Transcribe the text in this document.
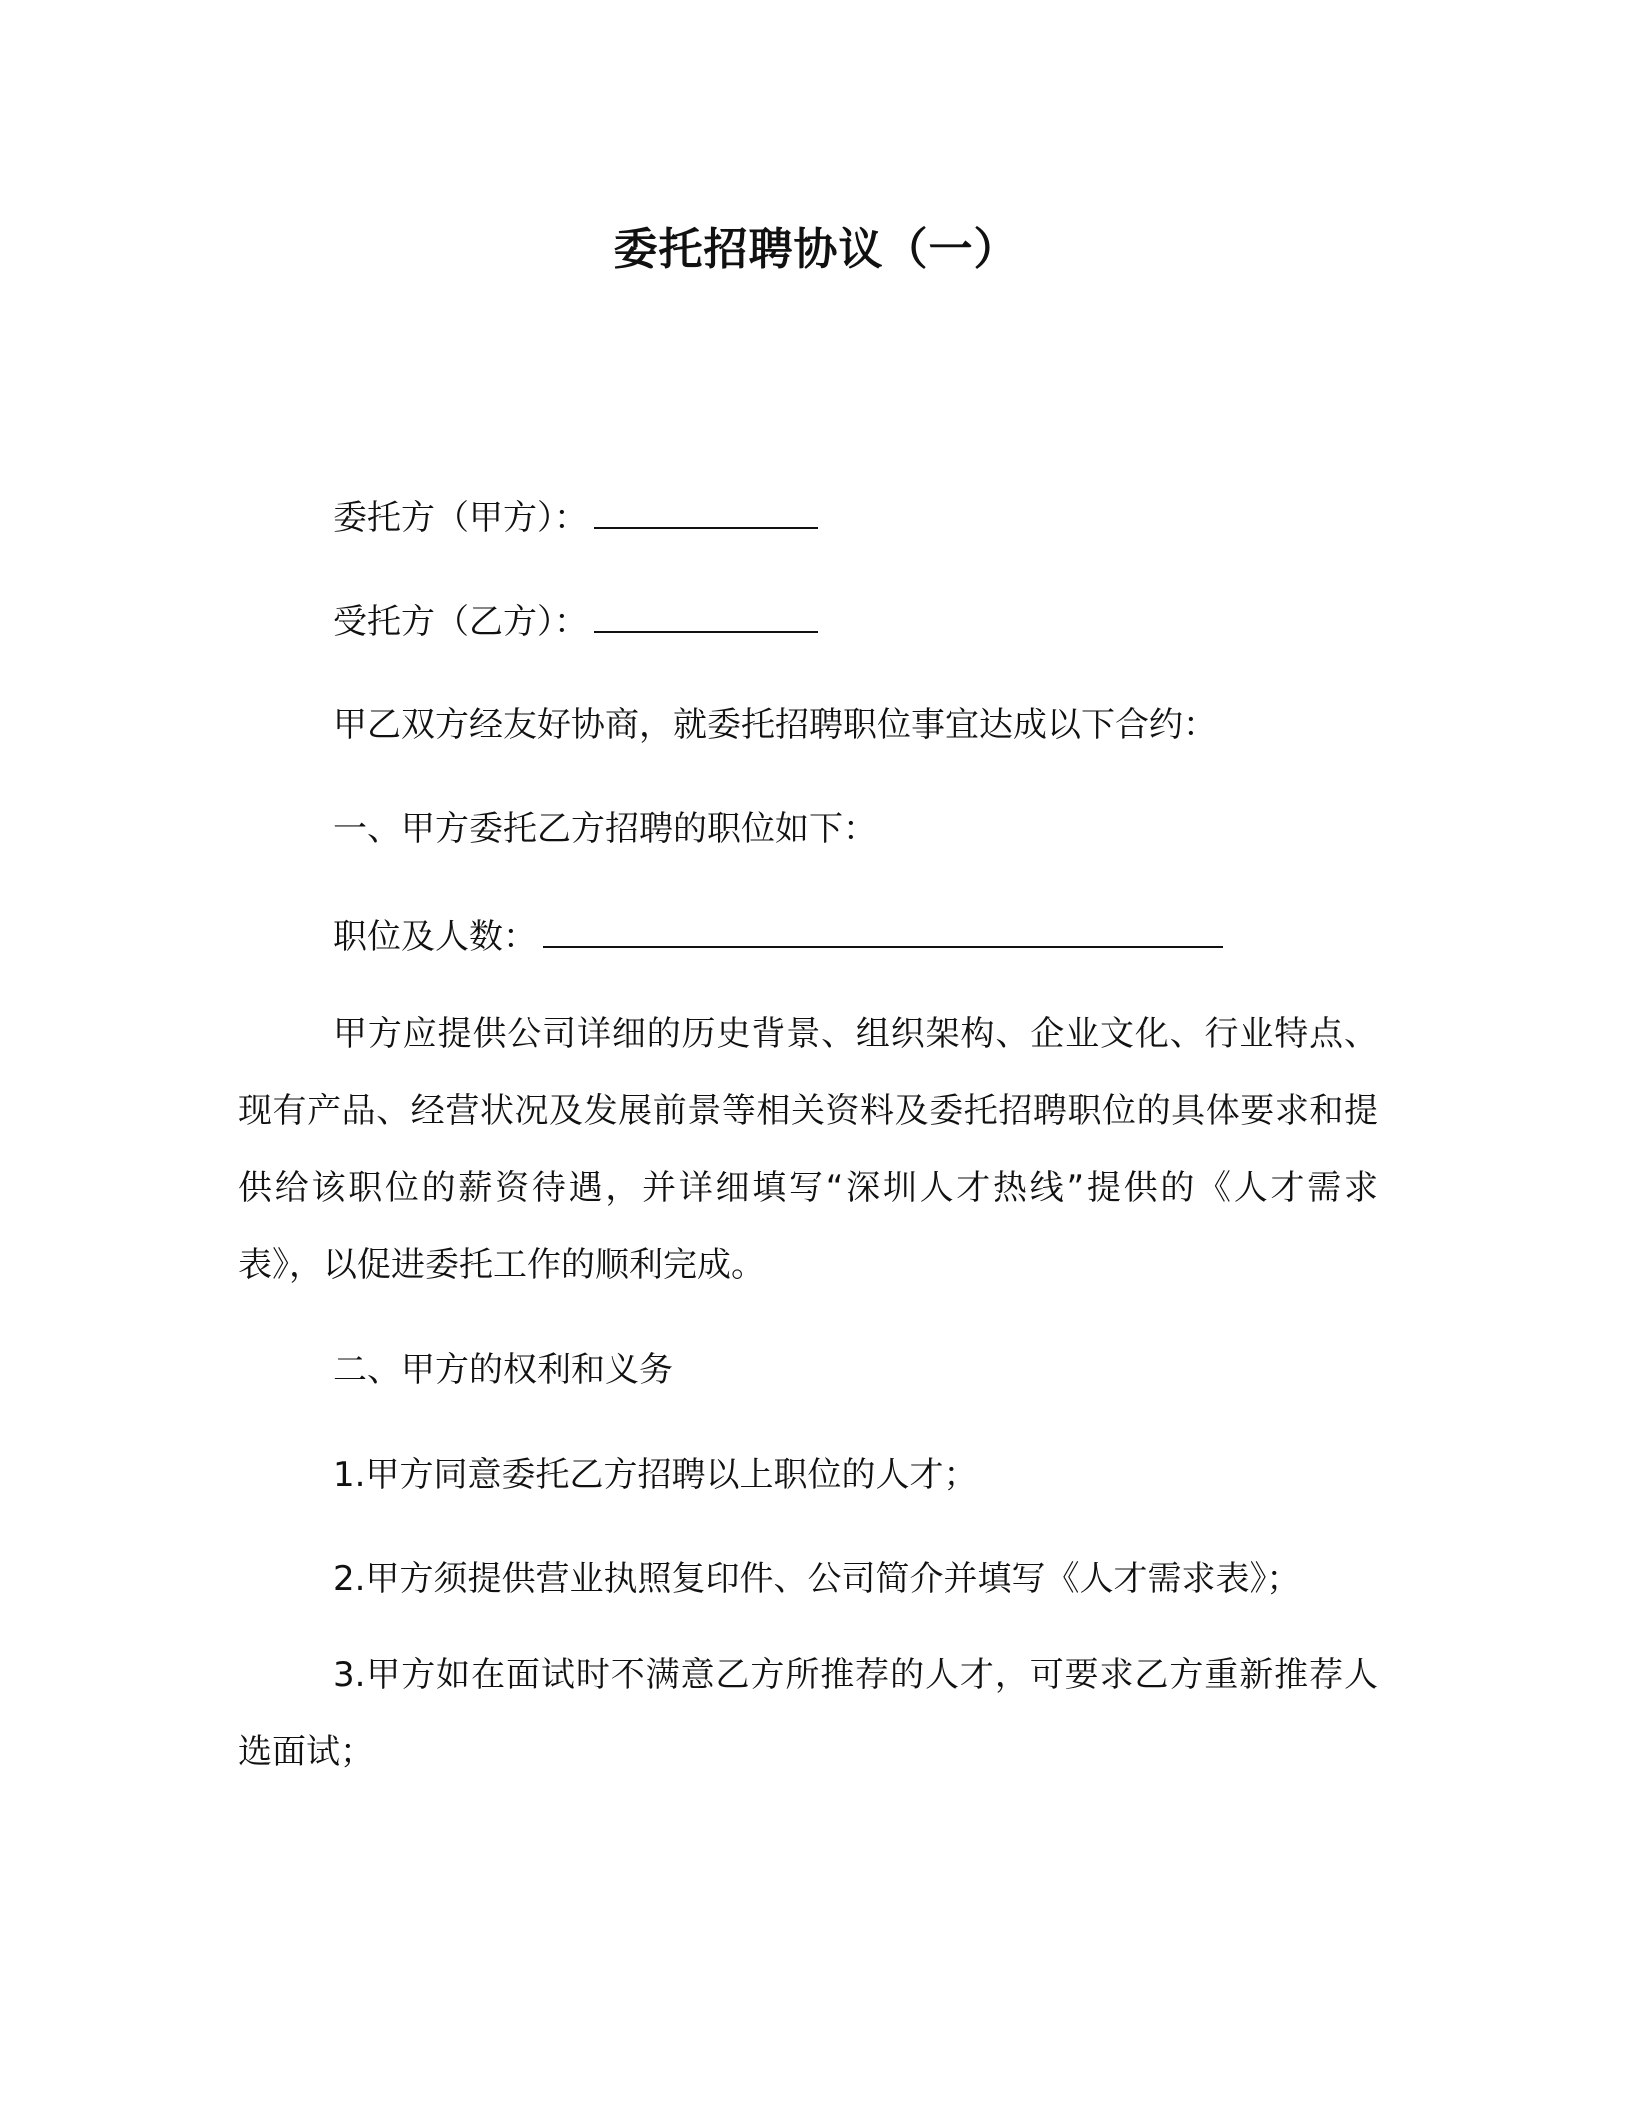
委托招聘协议（一）
委托方（甲方）：
受托方（乙方）：
甲乙双方经友好协商，就委托招聘职位事宜达成以下合约：
一、甲方委托乙方招聘的职位如下：
职位及人数：
甲方应提供公司详细的历史背景、组织架构、企业文化、行业特点、现有产品、经营状况及发展前景等相关资料及委托招聘职位的具体要求和提供给该职位的薪资待遇，并详细填写“深圳人才热线”提供的《人才需求表》，以促进委托工作的顺利完成。
二、甲方的权利和义务
1.甲方同意委托乙方招聘以上职位的人才；
2.甲方须提供营业执照复印件、公司简介并填写《人才需求表》；
3.甲方如在面试时不满意乙方所推荐的人才，可要求乙方重新推荐人选面试；
